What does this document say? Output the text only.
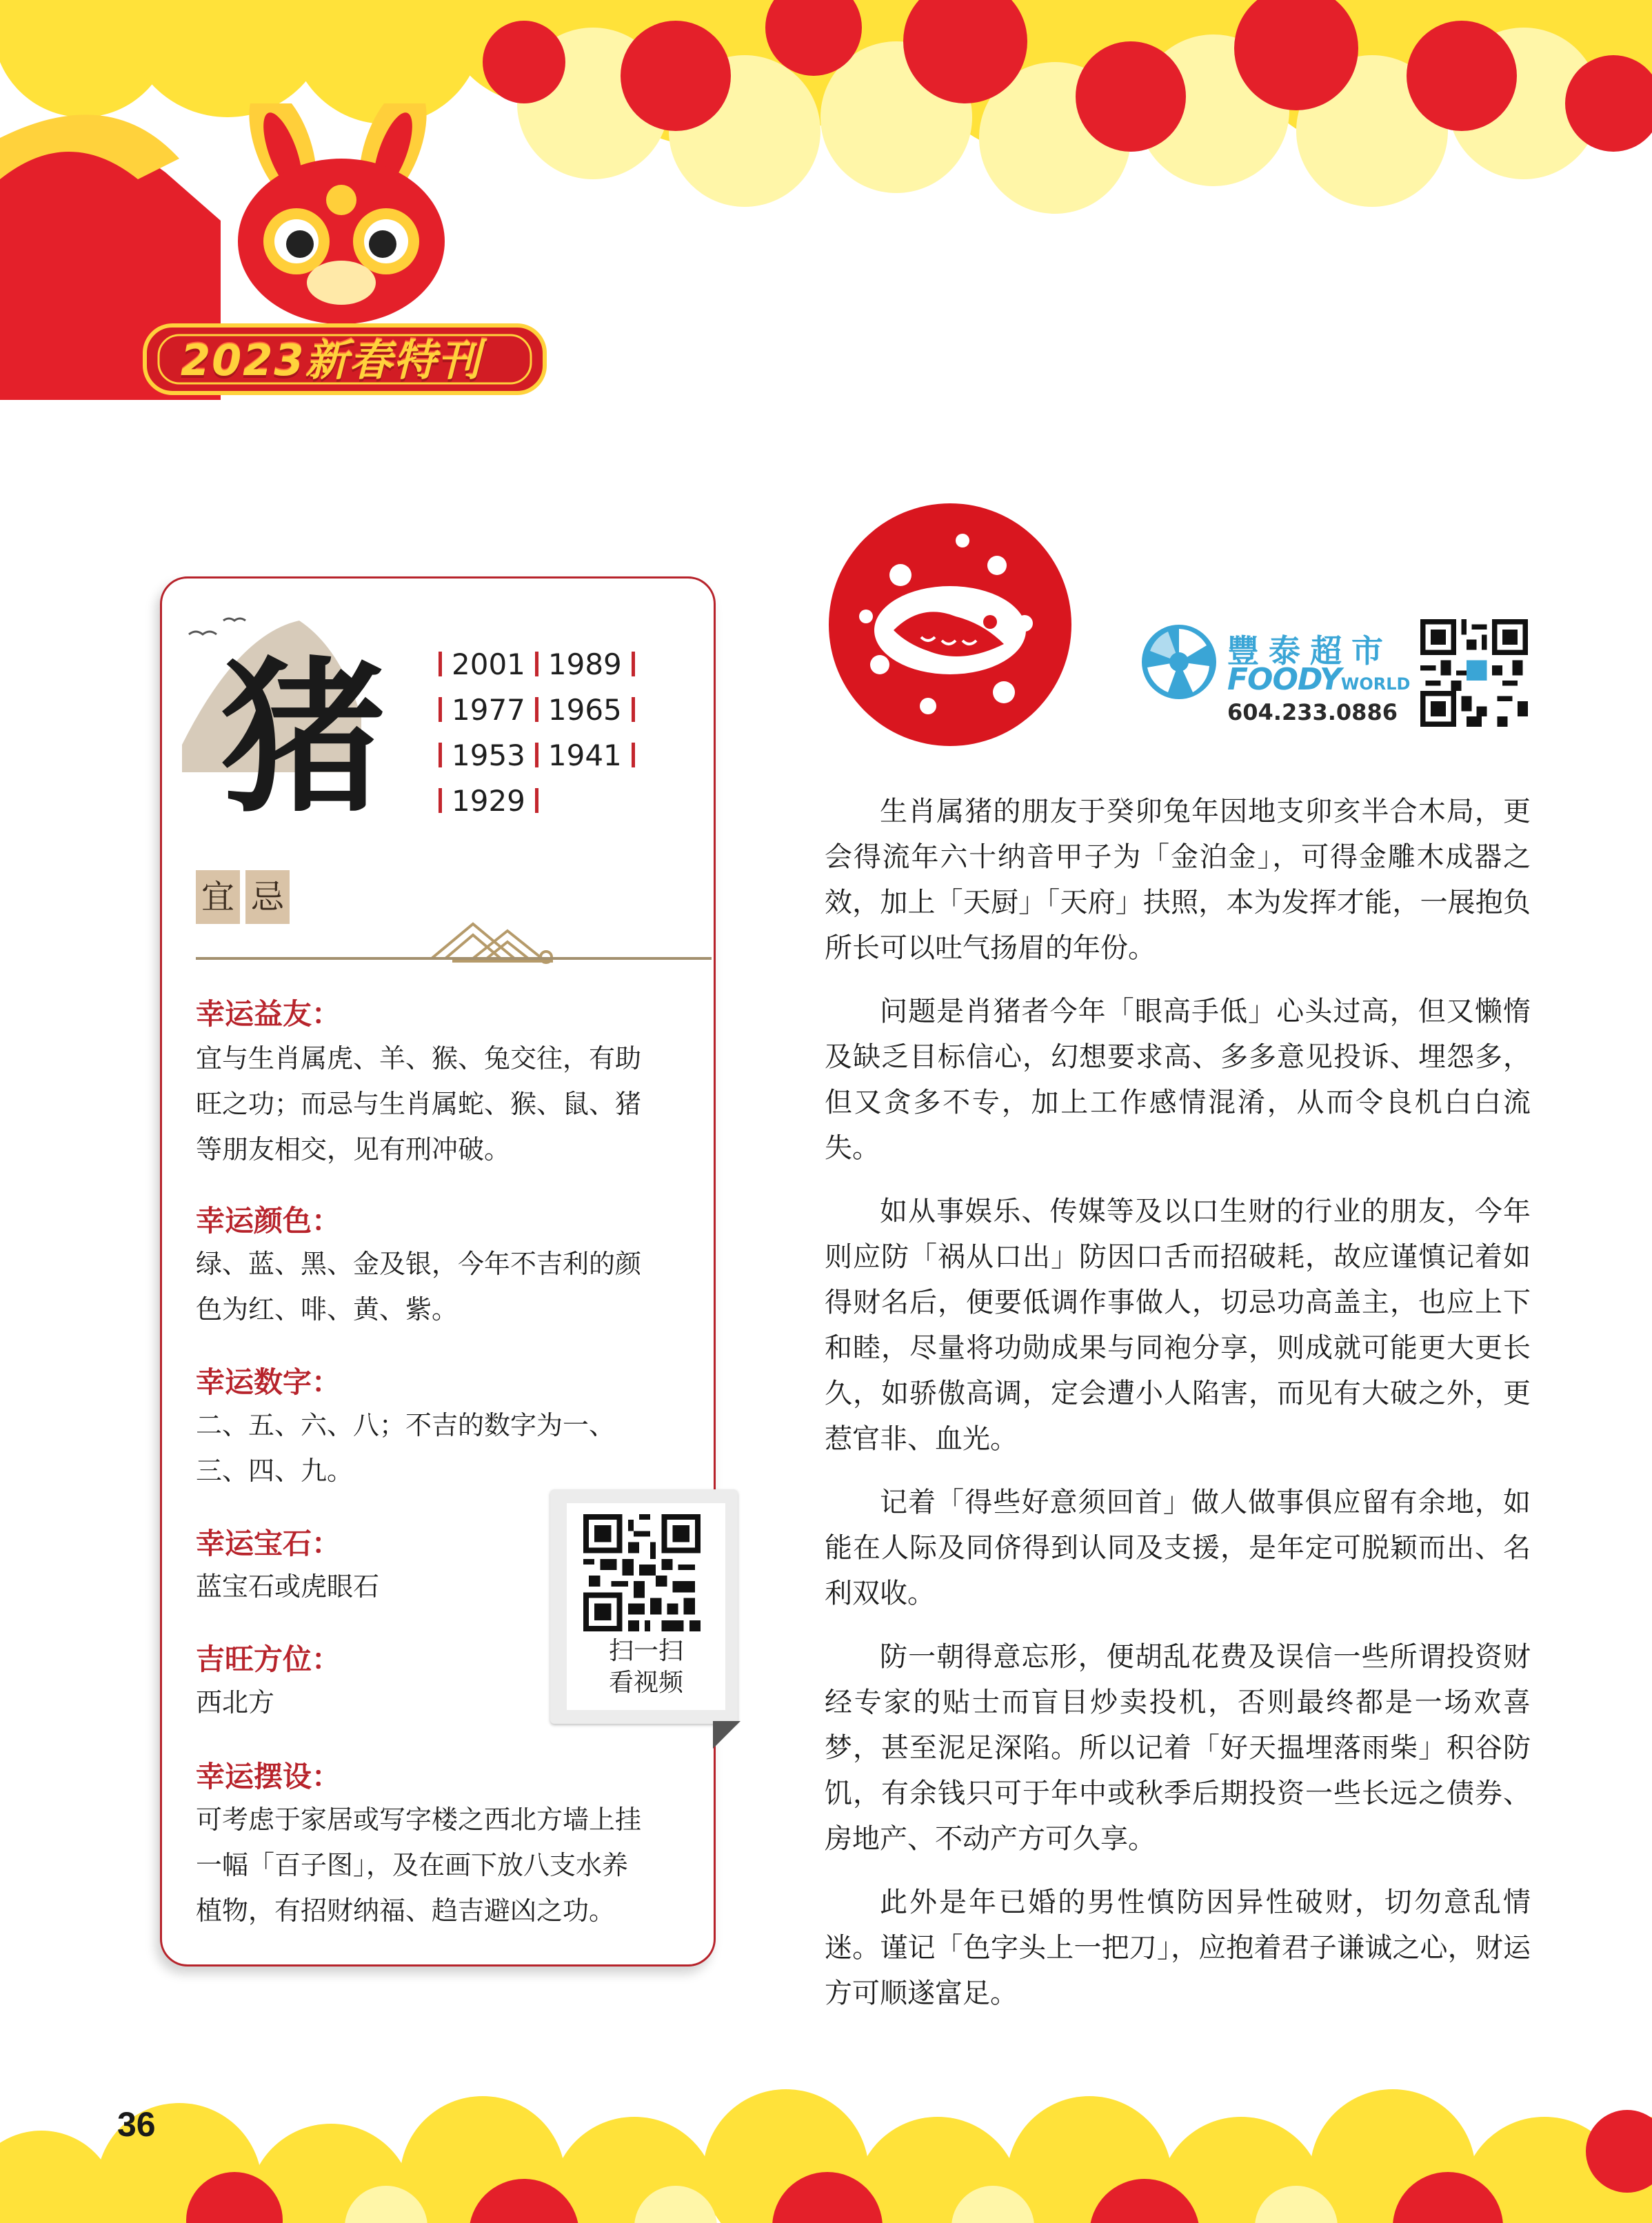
2023新春特刊
猪	2001 1989
1977 1965
1953 1941
1929
宜 忌
幸运益友：
宜与生肖属虎、羊、猴、兔交往，有助
旺之功；而忌与生肖属蛇、猴、鼠、猪
等朋友相交，见有刑冲破。
幸运颜色：
绿、蓝、黑、金及银，今年不吉利的颜
色为红、啡、黄、紫。
幸运数字：
二、五、六、八；不吉的数字为一、
三、四、九。
幸运宝石：
蓝宝石或虎眼石
吉旺方位：
西北方
幸运摆设：
可考虑于家居或写字楼之西北方墙上挂
一幅「百子图」，及在画下放八支水养
植物，有招财纳福、趋吉避凶之功。
扫一扫
看视频
豐泰超市
FOODYWORLD
604.233.0886

生肖属猪的朋友于癸卯兔年因地支卯亥半合木局，更会得流年六十纳音甲子为「金泊金」，可得金雕木成器之效，加上「天厨」「天府」扶照，本为发挥才能，一展抱负所长可以吐气扬眉的年份。

问题是肖猪者今年「眼高手低」心头过高，但又懒惰及缺乏目标信心，幻想要求高、多多意见投诉、埋怨多，但又贪多不专，加上工作感情混淆，从而令良机白白流失。

如从事娱乐、传媒等及以口生财的行业的朋友，今年则应防「祸从口出」防因口舌而招破耗，故应谨慎记着如得财名后，便要低调作事做人，切忌功高盖主，也应上下和睦，尽量将功勋成果与同袍分享，则成就可能更大更长久，如骄傲高调，定会遭小人陷害，而见有大破之外，更惹官非、血光。

记着「得些好意须回首」做人做事俱应留有余地，如能在人际及同侪得到认同及支援，是年定可脱颖而出、名利双收。

防一朝得意忘形，便胡乱花费及误信一些所谓投资财经专家的贴士而盲目炒卖投机，否则最终都是一场欢喜梦，甚至泥足深陷。所以记着「好天揾埋落雨柴」积谷防饥，有余钱只可于年中或秋季后期投资一些长远之债券、房地产、不动产方可久享。

此外是年已婚的男性慎防因异性破财，切勿意乱情迷。谨记「色字头上一把刀」，应抱着君子谦诚之心，财运方可顺遂富足。

36
